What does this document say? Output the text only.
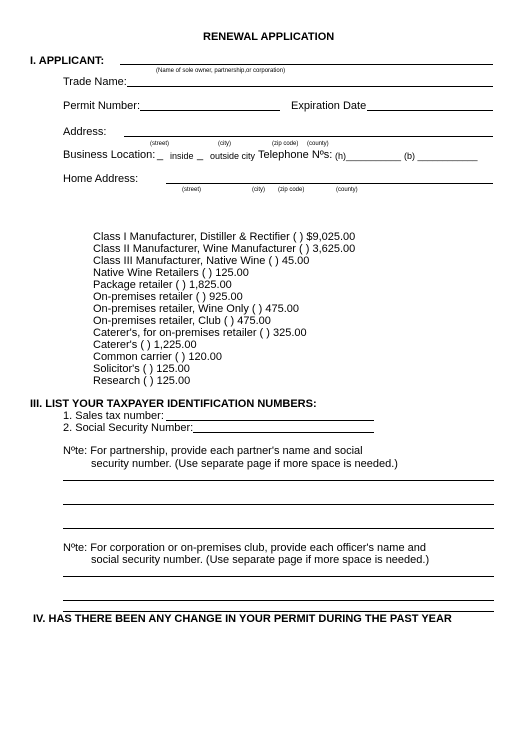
RENEWAL APPLICATION
I. APPLICANT:
(Name of sole owner, partnership,or corporation)
Trade Name:
Permit Number:	Expiration Date
Address:
(street)	(city)	(zip code) (county)
Business Location: _ inside _ outside city Telephone Nºs: (h)___________ (b) ____________
Home Address:
(street)	(city) (zip code)	(county)
Class I Manufacturer, Distiller & Rectifier ( ) $9,025.00
Class II Manufacturer, Wine Manufacturer ( ) 3,625.00
Class III Manufacturer, Native Wine ( ) 45.00
Native Wine Retailers ( ) 125.00
Package retailer ( ) 1,825.00
On-premises retailer ( ) 925.00
On-premises retailer, Wine Only ( ) 475.00
On-premises retailer, Club ( ) 475.00
Caterer's, for on-premises retailer ( ) 325.00
Caterer's ( ) 1,225.00
Common carrier ( ) 120.00
Solicitor's ( ) 125.00
Research ( ) 125.00
III. LIST YOUR TAXPAYER IDENTIFICATION NUMBERS:
1. Sales tax number:
2. Social Security Number:
Nºte: For partnership, provide each partner's name and social
security number. (Use separate page if more space is needed.)
Nºte: For corporation or on-premises club, provide each officer's name and
social security number. (Use separate page if more space is needed.)
IV. HAS THERE BEEN ANY CHANGE IN YOUR PERMIT DURING THE PAST YEAR
